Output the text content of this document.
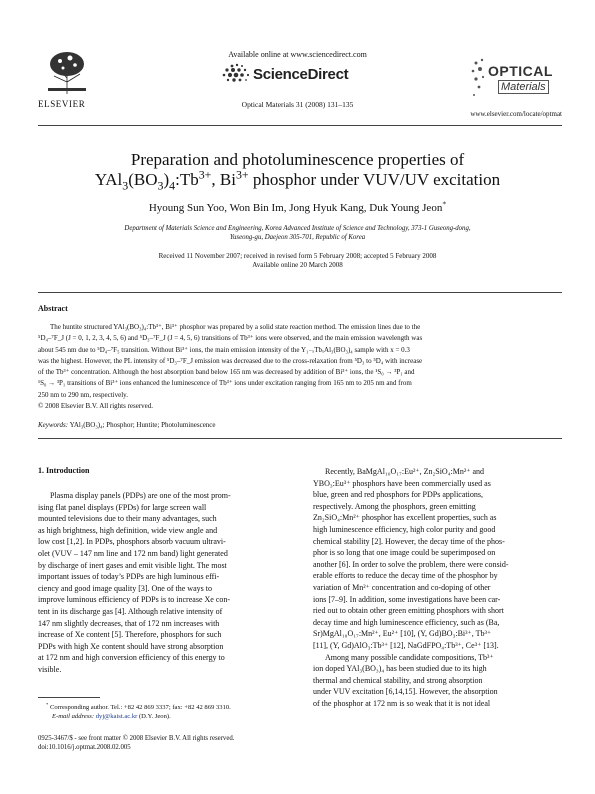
Available online at www.sciencedirect.com
ScienceDirect
ELSEVIER	Optical Materials 31 (2008) 131–135
OPTICAL
Materials
www.elsevier.com/locate/optmat
Preparation and photoluminescence properties of
$YAl_3(BO_3)_4:Tb^{3+}$, $Bi^{3+}$ phosphor under VUV/UV excitation
Hyoung Sun Yoo, Won Bin Im, Jong Hyuk Kang, Duk Young Jeon*
Department of Materials Science and Engineering, Korea Advanced Institute of Science and Technology, 373-1 Guseong-dong,
Yuseong-gu, Daejeon 305-701, Republic of Korea
Received 11 November 2007; received in revised form 5 February 2008; accepted 5 February 2008
Available online 20 March 2008
Abstract
The huntite structured YAl₃(BO₃)₄:Tb³⁺, Bi³⁺ phosphor was prepared by a solid state reaction method. The emission lines due to the
⁵D₄–⁷F_J (J = 0, 1, 2, 3, 4, 5, 6) and ⁵D₃–⁷F_J (J = 4, 5, 6) transitions of Tb³⁺ ions were observed, and the main emission wavelength was
about 545 nm due to ⁵D₄–⁷F₅ transition. Without Bi³⁺ ions, the main emission intensity of the Y₁₋ₓTbₓAl₃(BO₃)₄ sample with x = 0.3
was the highest. However, the PL intensity of ⁵D₃–⁷F_J emission was decreased due to the cross-relaxation from ⁵D₃ to ⁵D₄ with increase
of the Tb³⁺ concentration. Although the host absorption band below 165 nm was decreased by addition of Bi³⁺ ions, the ¹S₀ → ³P₁ and
¹S₀ → ³P₁ transitions of Bi³⁺ ions enhanced the luminescence of Tb³⁺ ions under excitation ranging from 165 nm to 205 nm and from
250 nm to 290 nm, respectively.
© 2008 Elsevier B.V. All rights reserved.
Keywords: YAl₃(BO₃)₄; Phosphor; Huntite; Photoluminescence
1. Introduction
Plasma display panels (PDPs) are one of the most prom-
ising flat panel displays (FPDs) for large screen wall
mounted televisions due to their many advantages, such
as high brightness, high definition, wide view angle and
low cost [1,2]. In PDPs, phosphors absorb vacuum ultravi-
olet (VUV – 147 nm line and 172 nm band) light generated
by discharge of inert gases and emit visible light. The most
important issues of today’s PDPs are high luminous effi-
ciency and good image quality [3]. One of the ways to
improve luminous efficiency of PDPs is to increase Xe con-
tent in its discharge gas [4]. Although relative intensity of
147 nm slightly decreases, that of 172 nm increases with
increase of Xe content [5]. Therefore, phosphors for such
PDPs with high Xe content should have strong absorption
at 172 nm and high conversion efficiency of this energy to
visible.
Recently, BaMgAl₁₀O₁₇:Eu²⁺, Zn₂SiO₄:Mn²⁺ and
YBO₃:Eu³⁺ phosphors have been commercially used as
blue, green and red phosphors for PDPs applications,
respectively. Among the phosphors, green emitting
Zn₂SiO₄:Mn²⁺ phosphor has excellent properties, such as
high luminescence efficiency, high color purity and good
chemical stability [2]. However, the decay time of the phos-
phor is so long that one image could be superimposed on
another [6]. In order to solve the problem, there were consid-
erable efforts to reduce the decay time of the phosphor by
variation of Mn²⁺ concentration and co-doping of other
ions [7–9]. In addition, some investigations have been car-
ried out to obtain other green emitting phosphors with short
decay time and high luminescence efficiency, such as (Ba,
Sr)MgAl₁₀O₁₇:Mn²⁺, Eu²⁺ [10], (Y, Gd)BO₃:Bi³⁺, Tb³⁺
[11], (Y, Gd)AlO₃:Tb³⁺ [12], NaGdFPO₄:Tb³⁺, Ce³⁺ [13].
Among many possible candidate compositions, Tb³⁺
ion doped YAl₃(BO₃)₄ has been studied due to its high
thermal and chemical stability, and strong absorption
under VUV excitation [6,14,15]. However, the absorption
of the phosphor at 172 nm is so weak that it is not ideal
* Corresponding author. Tel.: +82 42 869 3337; fax: +82 42 869 3310.
E-mail address: dyj@kaist.ac.kr (D.Y. Jeon).
0925-3467/$ - see front matter © 2008 Elsevier B.V. All rights reserved.
doi:10.1016/j.optmat.2008.02.005
